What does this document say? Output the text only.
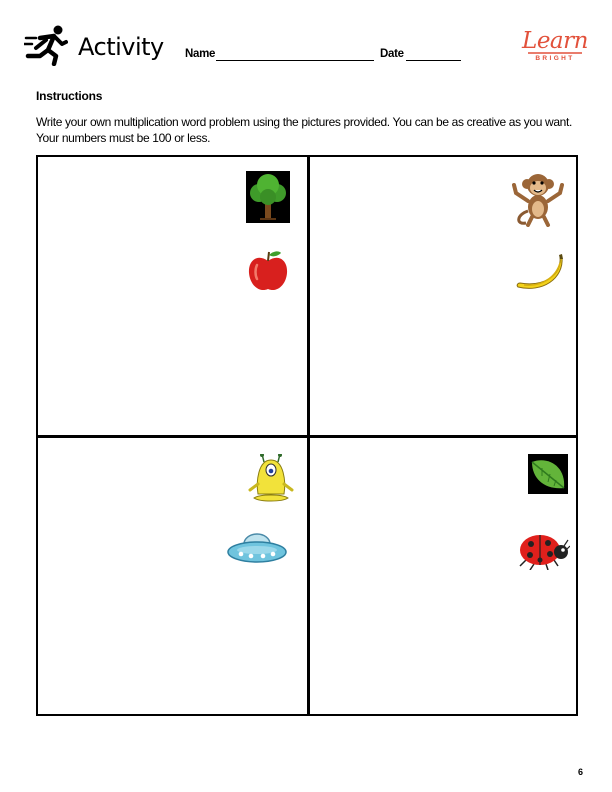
Activity Name	Date	Learn
BRIGHT
Instructions
Write your own multiplication word problem using the pictures provided. You can be as creative as you want. Your numbers must be 100 or less.
6
